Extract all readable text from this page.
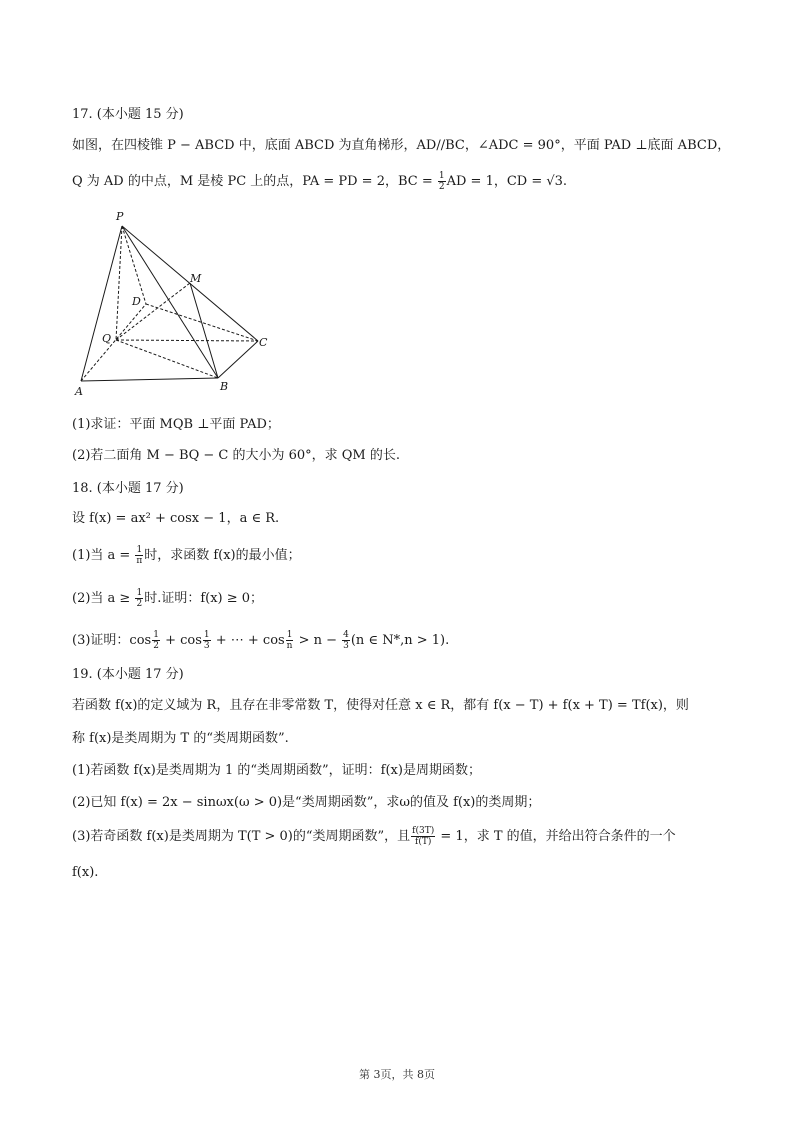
17. (本小题 15 分)
如图，在四棱锥 P − ABCD 中，底面 ABCD 为直角梯形，AD//BC，∠ADC = 90°，平面 PAD ⊥底面 ABCD，
Q 为 AD 的中点，M 是棱 PC 上的点，PA = PD = 2，BC = $\frac{1}{2}$ AD = 1，CD = √3.
P
M
D
Q	C
A	B
(1)求证：平面 MQB ⊥平面 PAD；
(2)若二面角 M − BQ − C 的大小为 60°，求 QM 的长.
18. (本小题 17 分)
设 f(x) = ax² + cosx − 1，a ∈ R.
(1)当 $a = \frac{1}{\pi}$ 时，求函数 f(x)的最小值；
(2)当 $a \ge \frac{1}{2}$ 时.证明：f(x) ≥ 0；
(3)证明：$\cos \frac{1}{2} + \cos \frac{1}{3}$ + ⋯ + $\cos \frac{1}{n} > n - \frac{4}{3} (n$ ∈ N*,n > 1).
19. (本小题 17 分)
若函数 f(x)的定义域为 R，且存在非零常数 T，使得对任意 x ∈ R，都有 f(x − T) + f(x + T) = Tf(x)，则
称 f(x)是类周期为 T 的“类周期函数”.
(1)若函数 f(x)是类周期为 1 的“类周期函数”，证明：f(x)是周期函数；
(2)已知 f(x) = 2x − sinωx(ω > 0)是“类周期函数”，求ω的值及 f(x)的类周期；
(3)若奇函数 f(x)是类周期为 T(T > 0)的“类周期函数”，且 $\frac{f(3T)}{f(T)} = 1$，求 T 的值，并给出符合条件的一个
f(x).
第 3页，共 8页
